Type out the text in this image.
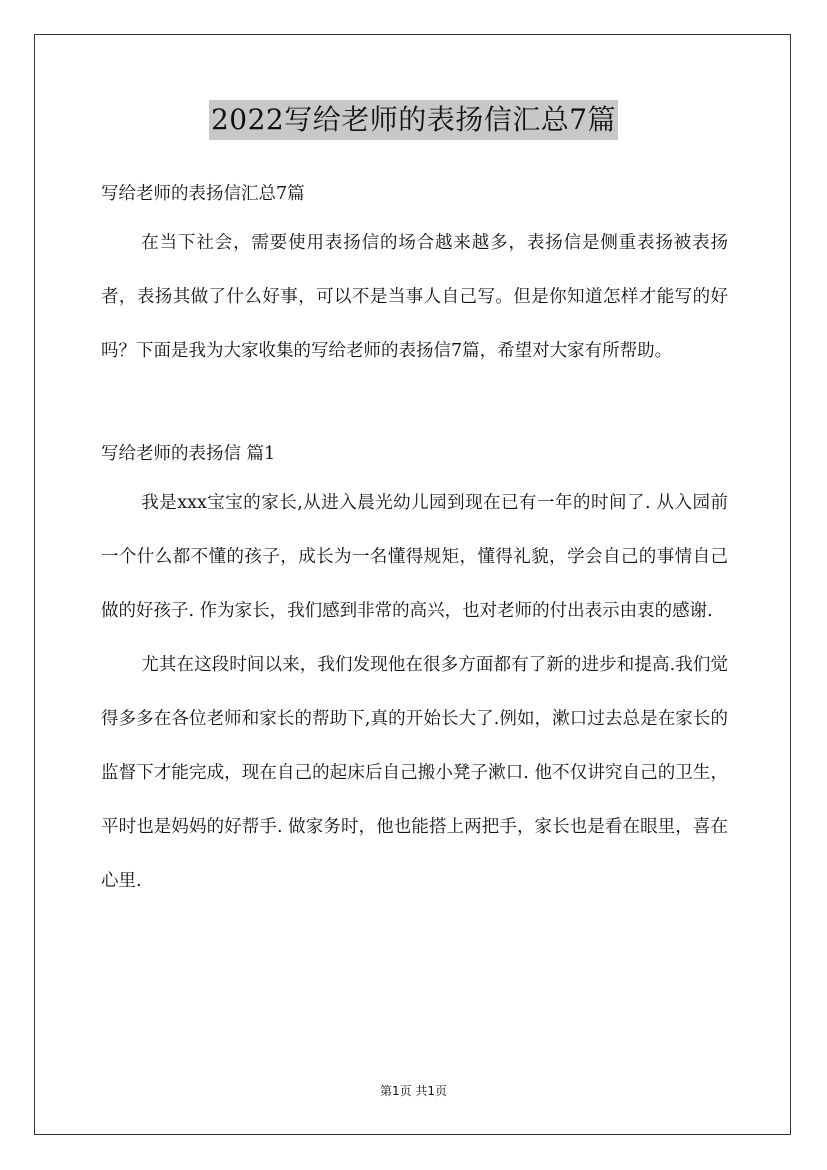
2022写给老师的表扬信汇总7篇

写给老师的表扬信汇总7篇

在当下社会，需要使用表扬信的场合越来越多，表扬信是侧重表扬被表扬者，表扬其做了什么好事，可以不是当事人自己写。但是你知道怎样才能写的好吗？下面是我为大家收集的写给老师的表扬信7篇，希望对大家有所帮助。

写给老师的表扬信 篇1

我是xxx宝宝的家长,从进入晨光幼儿园到现在已有一年的时间了. 从入园前一个什么都不懂的孩子，成长为一名懂得规矩，懂得礼貌，学会自己的事情自己做的好孩子. 作为家长，我们感到非常的高兴，也对老师的付出表示由衷的感谢.

尤其在这段时间以来，我们发现他在很多方面都有了新的进步和提高.我们觉得多多在各位老师和家长的帮助下,真的开始长大了.例如，漱口过去总是在家长的监督下才能完成，现在自己的起床后自己搬小凳子漱口. 他不仅讲究自己的卫生，平时也是妈妈的好帮手. 做家务时，他也能搭上两把手，家长也是看在眼里，喜在心里.

第1页 共1页
